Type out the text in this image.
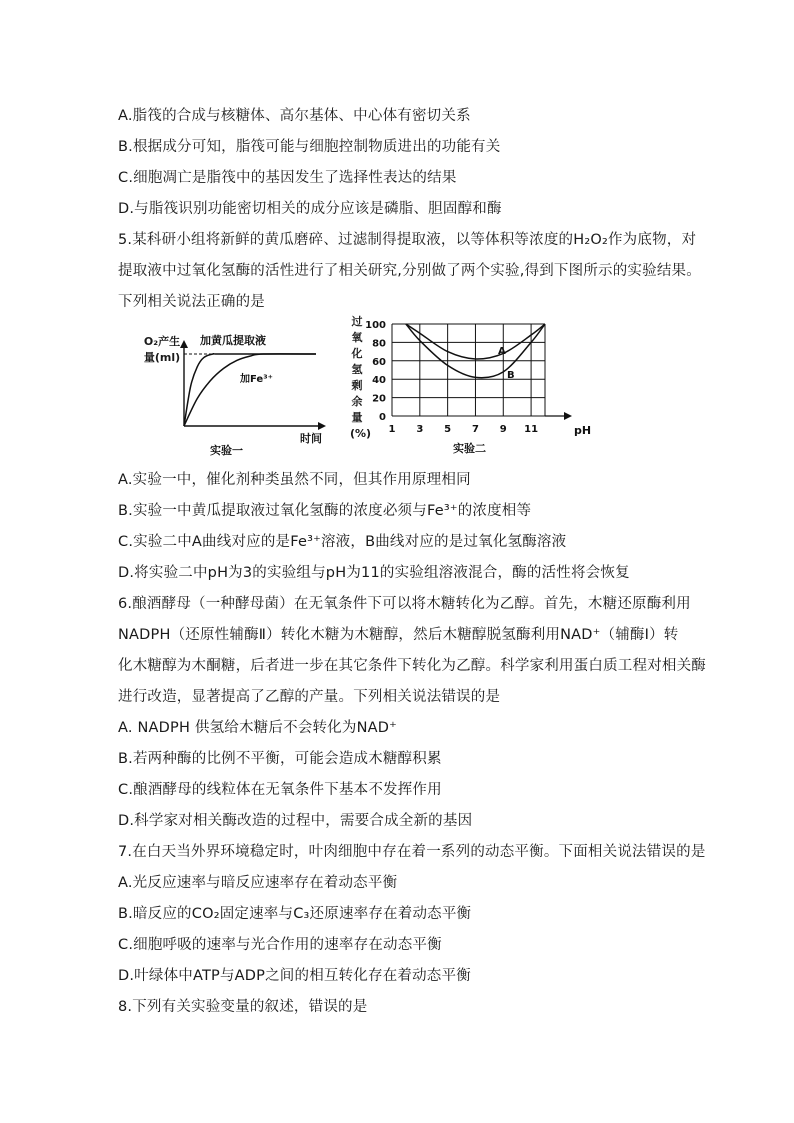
A.脂筏的合成与核糖体、高尔基体、中心体有密切关系
B.根据成分可知，脂筏可能与细胞控制物质进出的功能有关
C.细胞凋亡是脂筏中的基因发生了选择性表达的结果
D.与脂筏识别功能密切相关的成分应该是磷脂、胆固醇和酶
5.某科研小组将新鲜的黄瓜磨碎、过滤制得提取液，以等体积等浓度的H₂O₂作为底物，对
提取液中过氧化氢酶的活性进行了相关研究,分别做了两个实验,得到下图所示的实验结果。
下列相关说法正确的是
O₂产生量(ml)
加黄瓜提取液
加Fe³⁺
时间
实验一
过氧化氢剩余量(%)
0
20
40
60
80
100
1 3 5 7 9 11
实验二
pH
A
B
A.实验一中，催化剂种类虽然不同，但其作用原理相同
B.实验一中黄瓜提取液过氧化氢酶的浓度必须与Fe³⁺的浓度相等
C.实验二中A曲线对应的是Fe³⁺溶液，B曲线对应的是过氧化氢酶溶液
D.将实验二中pH为3的实验组与pH为11的实验组溶液混合，酶的活性将会恢复
6.酿酒酵母（一种酵母菌）在无氧条件下可以将木糖转化为乙醇。首先，木糖还原酶利用
NADPH（还原性辅酶Ⅱ）转化木糖为木糖醇，然后木糖醇脱氢酶利用NAD⁺（辅酶Ⅰ）转
化木糖醇为木酮糖，后者进一步在其它条件下转化为乙醇。科学家利用蛋白质工程对相关酶
进行改造，显著提高了乙醇的产量。下列相关说法错误的是
A. NADPH 供氢给木糖后不会转化为NAD⁺
B.若两种酶的比例不平衡，可能会造成木糖醇积累
C.酿酒酵母的线粒体在无氧条件下基本不发挥作用
D.科学家对相关酶改造的过程中，需要合成全新的基因
7.在白天当外界环境稳定时，叶肉细胞中存在着一系列的动态平衡。下面相关说法错误的是
A.光反应速率与暗反应速率存在着动态平衡
B.暗反应的CO₂固定速率与C₃还原速率存在着动态平衡
C.细胞呼吸的速率与光合作用的速率存在动态平衡
D.叶绿体中ATP与ADP之间的相互转化存在着动态平衡
8.下列有关实验变量的叙述，错误的是
